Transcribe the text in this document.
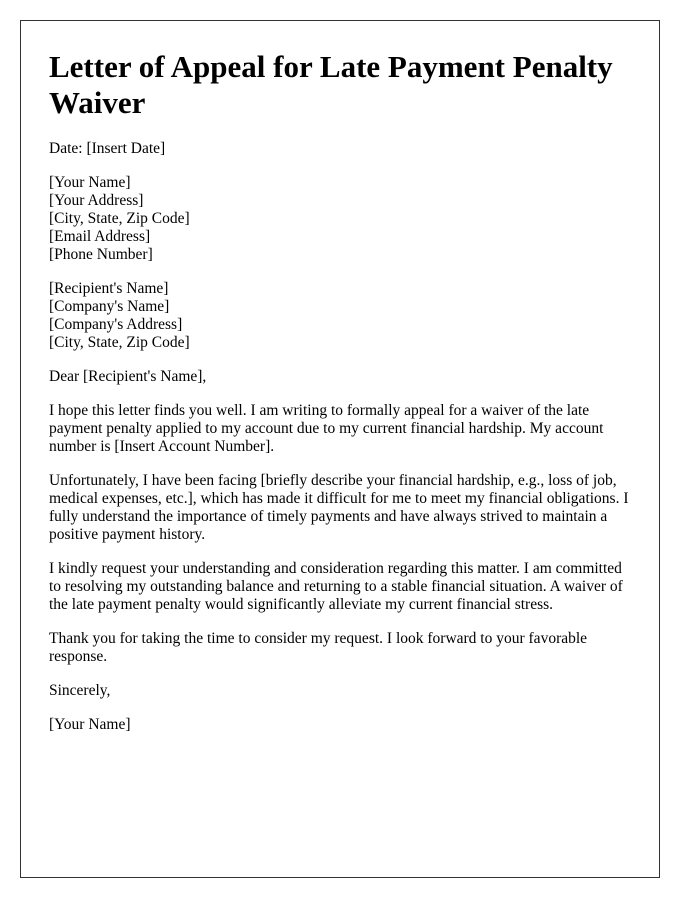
Letter of Appeal for Late Payment Penalty Waiver

Date: [Insert Date]

[Your Name]

[Your Address]

[City, State, Zip Code]

[Email Address]

[Phone Number]

[Recipient's Name]

[Company's Name]

[Company's Address]

[City, State, Zip Code]

Dear [Recipient's Name],

I hope this letter finds you well. I am writing to formally appeal for a waiver of the late payment penalty applied to my account due to my current financial hardship. My account number is [Insert Account Number].

Unfortunately, I have been facing [briefly describe your financial hardship, e.g., loss of job, medical expenses, etc.], which has made it difficult for me to meet my financial obligations. I fully understand the importance of timely payments and have always strived to maintain a positive payment history.

I kindly request your understanding and consideration regarding this matter. I am committed to resolving my outstanding balance and returning to a stable financial situation. A waiver of the late payment penalty would significantly alleviate my current financial stress.

Thank you for taking the time to consider my request. I look forward to your favorable response.

Sincerely,

[Your Name]
